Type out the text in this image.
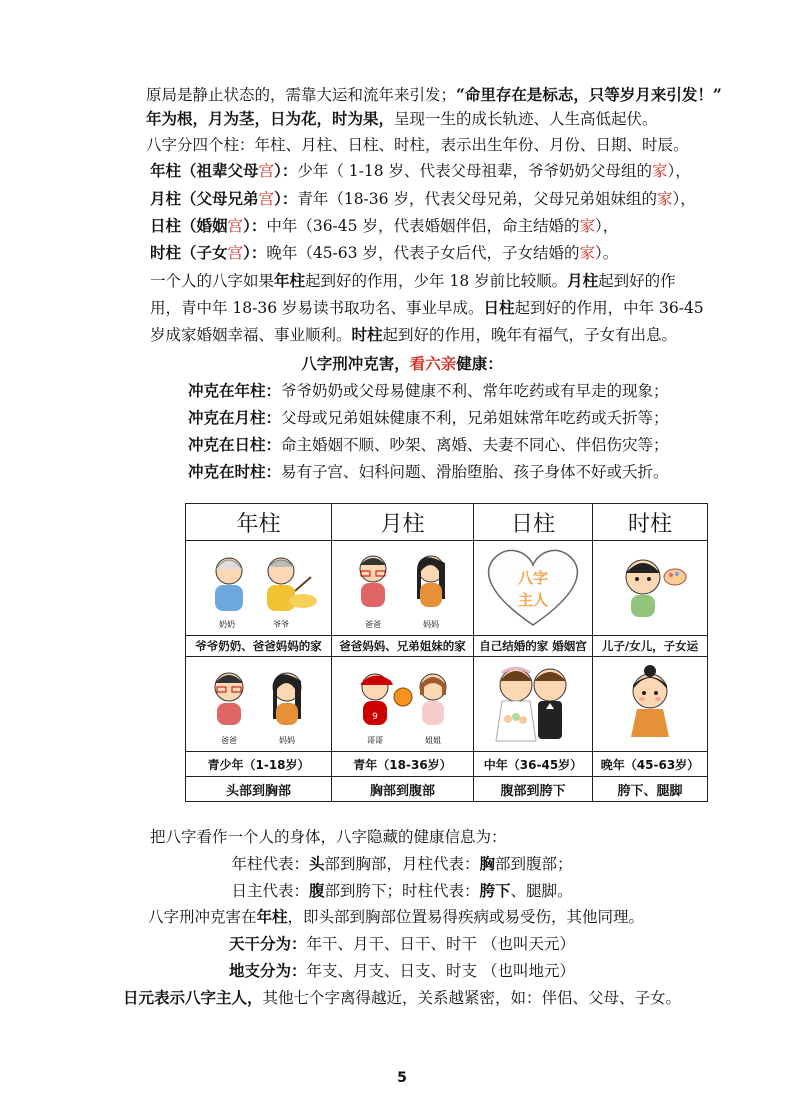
原局是静止状态的，需靠大运和流年来引发；“命里存在是标志，只等岁月来引发！”
年为根，月为茎，日为花，时为果，呈现一生的成长轨迹、人生高低起伏。
八字分四个柱：年柱、月柱、日柱、时柱，表示出生年份、月份、日期、时辰。
年柱（祖辈父母宫）：少年（ 1-18 岁、代表父母祖辈，爷爷奶奶父母组的家），
月柱（父母兄弟宫）：青年（18-36 岁，代表父母兄弟，父母兄弟姐妹组的家），
日柱（婚姻宫）：中年（36-45 岁，代表婚姻伴侣，命主结婚的家），
时柱（子女宫）：晚年（45-63 岁，代表子女后代，子女结婚的家）。
一个人的八字如果年柱起到好的作用，少年 18 岁前比较顺。月柱起到好的作
用，青中年 18-36 岁易读书取功名、事业早成。日柱起到好的作用，中年 36-45
岁成家婚姻幸福、事业顺利。时柱起到好的作用，晚年有福气，子女有出息。
八字刑冲克害，看六亲健康：
冲克在年柱：爷爷奶奶或父母易健康不利、常年吃药或有早走的现象；
冲克在月柱：父母或兄弟姐妹健康不利，兄弟姐妹常年吃药或夭折等；
冲克在日柱：命主婚姻不顺、吵架、离婚、夫妻不同心、伴侣伤灾等；
冲克在时柱：易有子宫、妇科问题、滑胎堕胎、孩子身体不好或夭折。
年柱	月柱	日柱	时柱

奶奶 爷爷	爸爸 妈妈	八字
主人

爷爷奶奶、爸爸妈妈的家	爸爸妈妈、兄弟姐妹的家	自己结婚的家 婚姻宫	儿子/女儿，子女运

爸爸 妈妈	9
哥哥 姐姐

青少年（1-18岁）	青年（18-36岁）	中年（36-45岁）	晚年（45-63岁）
头部到胸部	胸部到腹部	腹部到胯下	胯下、腿脚
把八字看作一个人的身体，八字隐藏的健康信息为：
年柱代表：头部到胸部，月柱代表：胸部到腹部；
日主代表：腹部到胯下；时柱代表：胯下、腿脚。
八字刑冲克害在年柱，即头部到胸部位置易得疾病或易受伤，其他同理。
天干分为：年干、月干、日干、时干 （也叫天元）
地支分为：年支、月支、日支、时支 （也叫地元）
日元表示八字主人，其他七个字离得越近，关系越紧密，如：伴侣、父母、子女。
5
